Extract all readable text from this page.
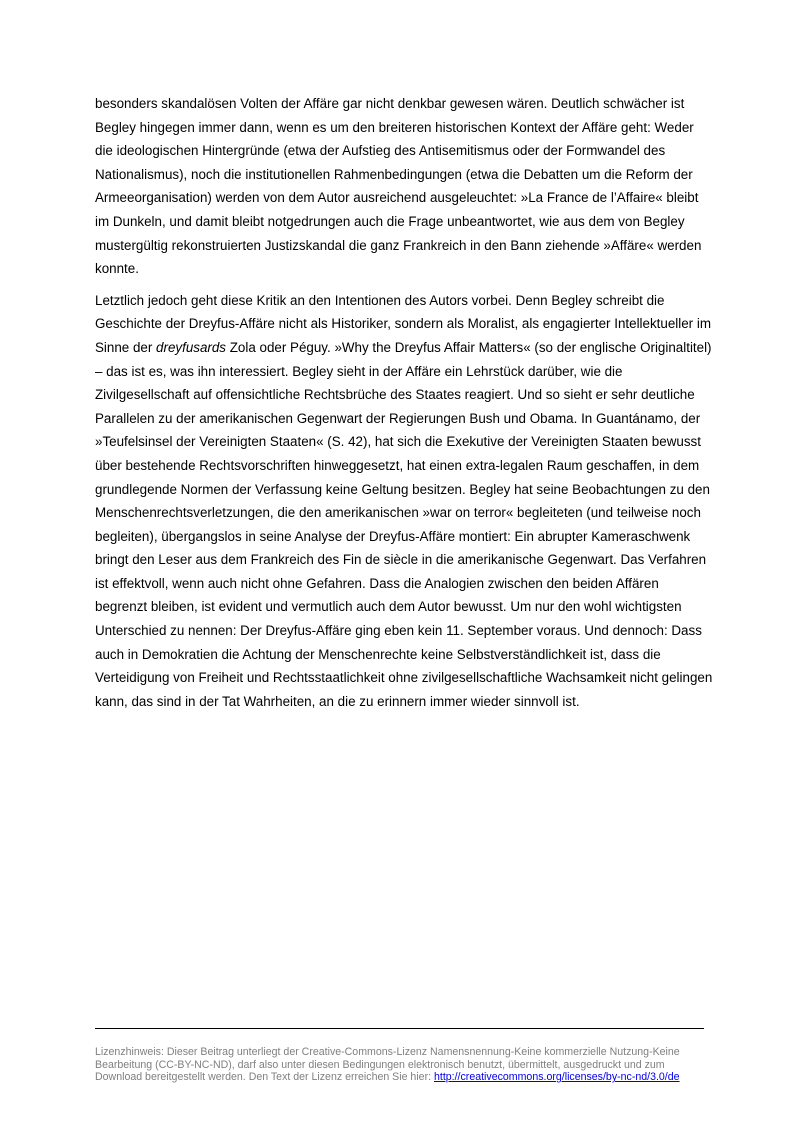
besonders skandalösen Volten der Affäre gar nicht denkbar gewesen wären. Deutlich schwächer ist Begley hingegen immer dann, wenn es um den breiteren historischen Kontext der Affäre geht: Weder die ideologischen Hintergründe (etwa der Aufstieg des Antisemitismus oder der Formwandel des Nationalismus), noch die institutionellen Rahmenbedingungen (etwa die Debatten um die Reform der Armeeorganisation) werden von dem Autor ausreichend ausgeleuchtet: »La France de l’Affaire« bleibt im Dunkeln, und damit bleibt notgedrungen auch die Frage unbeantwortet, wie aus dem von Begley mustergültig rekonstruierten Justizskandal die ganz Frankreich in den Bann ziehende »Affäre« werden konnte.

Letztlich jedoch geht diese Kritik an den Intentionen des Autors vorbei. Denn Begley schreibt die Geschichte der Dreyfus-Affäre nicht als Historiker, sondern als Moralist, als engagierter Intellektueller im Sinne der dreyfusards Zola oder Péguy. »Why the Dreyfus Affair Matters« (so der englische Originaltitel) – das ist es, was ihn interessiert. Begley sieht in der Affäre ein Lehrstück darüber, wie die Zivilgesellschaft auf offensichtliche Rechtsbrüche des Staates reagiert. Und so sieht er sehr deutliche Parallelen zu der amerikanischen Gegenwart der Regierungen Bush und Obama. In Guantánamo, der »Teufelsinsel der Vereinigten Staaten« (S. 42), hat sich die Exekutive der Vereinigten Staaten bewusst über bestehende Rechtsvorschriften hinweggesetzt, hat einen extra-legalen Raum geschaffen, in dem grundlegende Normen der Verfassung keine Geltung besitzen. Begley hat seine Beobachtungen zu den Menschenrechtsverletzungen, die den amerikanischen »war on terror« begleiteten (und teilweise noch begleiten), übergangslos in seine Analyse der Dreyfus-Affäre montiert: Ein abrupter Kameraschwenk bringt den Leser aus dem Frankreich des Fin de siècle in die amerikanische Gegenwart. Das Verfahren ist effektvoll, wenn auch nicht ohne Gefahren. Dass die Analogien zwischen den beiden Affären begrenzt bleiben, ist evident und vermutlich auch dem Autor bewusst. Um nur den wohl wichtigsten Unterschied zu nennen: Der Dreyfus-Affäre ging eben kein 11. September voraus. Und dennoch: Dass auch in Demokratien die Achtung der Menschenrechte keine Selbstverständlichkeit ist, dass die Verteidigung von Freiheit und Rechtsstaatlichkeit ohne zivilgesellschaftliche Wachsamkeit nicht gelingen kann, das sind in der Tat Wahrheiten, an die zu erinnern immer wieder sinnvoll ist.

Lizenzhinweis: Dieser Beitrag unterliegt der Creative-Commons-Lizenz Namensnennung-Keine kommerzielle Nutzung-Keine Bearbeitung (CC-BY-NC-ND), darf also unter diesen Bedingungen elektronisch benutzt, übermittelt, ausgedruckt und zum Download bereitgestellt werden. Den Text der Lizenz erreichen Sie hier: http://creativecommons.org/licenses/by-nc-nd/3.0/de
